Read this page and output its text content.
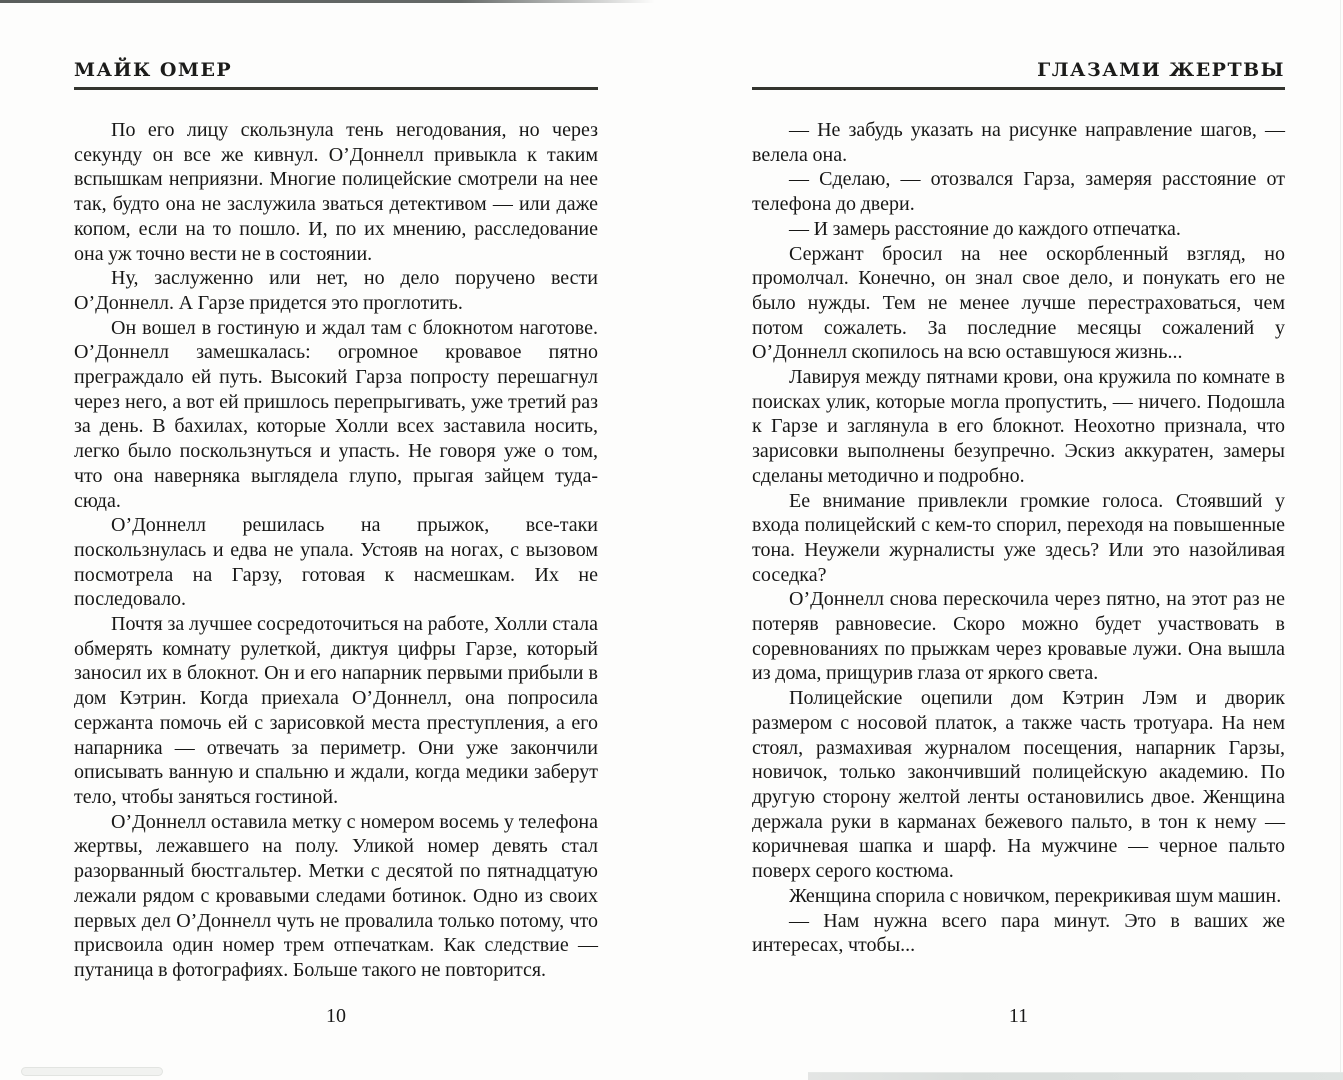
МАЙК ОМЕР

По его лицу скользнула тень негодования, но через секунду он все же кивнул. О’Доннелл привыкла к таким вспышкам неприязни. Многие полицейские смотрели на нее так, будто она не заслужила зваться детективом — или даже копом, если на то пошло. И, по их мнению, расследование она уж точно вести не в состоянии.

Ну, заслуженно или нет, но дело поручено вести О’Доннелл. А Гарзе придется это проглотить.

Он вошел в гостиную и ждал там с блокнотом наготове. О’Доннелл замешкалась: огромное кровавое пятно преграждало ей путь. Высокий Гарза попросту перешагнул через него, а вот ей пришлось перепрыгивать, уже третий раз за день. В бахилах, которые Холли всех заставила носить, легко было поскользнуться и упасть. Не говоря уже о том, что она наверняка выглядела глупо, прыгая зайцем туда-сюда.

О’Доннелл решилась на прыжок, все-таки поскользнулась и едва не упала. Устояв на ногах, с вызовом посмотрела на Гарзу, готовая к насмешкам. Их не последовало.

Почтя за лучшее сосредоточиться на работе, Холли стала обмерять комнату рулеткой, диктуя цифры Гарзе, который заносил их в блокнот. Он и его напарник первыми прибыли в дом Кэтрин. Когда приехала О’Доннелл, она попросила сержанта помочь ей с зарисовкой места преступления, а его напарника — отвечать за периметр. Они уже закончили описывать ванную и спальню и ждали, когда медики заберут тело, чтобы заняться гостиной.

О’Доннелл оставила метку с номером восемь у телефона жертвы, лежавшего на полу. Уликой номер девять стал разорванный бюстгальтер. Метки с десятой по пятнадцатую лежали рядом с кровавыми следами ботинок. Одно из своих первых дел О’Доннелл чуть не провалила только потому, что присвоила один номер трем отпечаткам. Как следствие — путаница в фотографиях. Больше такого не повторится.

10
ГЛАЗАМИ ЖЕРТВЫ

— Не забудь указать на рисунке направление шагов, — велела она.

— Сделаю, — отозвался Гарза, замеряя расстояние от телефона до двери.

— И замерь расстояние до каждого отпечатка.

Сержант бросил на нее оскорбленный взгляд, но промолчал. Конечно, он знал свое дело, и понукать его не было нужды. Тем не менее лучше перестраховаться, чем потом сожалеть. За последние месяцы сожалений у О’Доннелл скопилось на всю оставшуюся жизнь...

Лавируя между пятнами крови, она кружила по комнате в поисках улик, которые могла пропустить, — ничего. Подошла к Гарзе и заглянула в его блокнот. Неохотно признала, что зарисовки выполнены безупречно. Эскиз аккуратен, замеры сделаны методично и подробно.

Ее внимание привлекли громкие голоса. Стоявший у входа полицейский с кем-то спорил, переходя на повышенные тона. Неужели журналисты уже здесь? Или это назойливая соседка?

О’Доннелл снова перескочила через пятно, на этот раз не потеряв равновесие. Скоро можно будет участвовать в соревнованиях по прыжкам через кровавые лужи. Она вышла из дома, прищурив глаза от яркого света.

Полицейские оцепили дом Кэтрин Лэм и дворик размером с носовой платок, а также часть тротуара. На нем стоял, размахивая журналом посещения, напарник Гарзы, новичок, только закончивший полицейскую академию. По другую сторону желтой ленты остановились двое. Женщина держала руки в карманах бежевого пальто, в тон к нему — коричневая шапка и шарф. На мужчине — черное пальто поверх серого костюма.

Женщина спорила с новичком, перекрикивая шум машин.

— Нам нужна всего пара минут. Это в ваших же интересах, чтобы...

11
